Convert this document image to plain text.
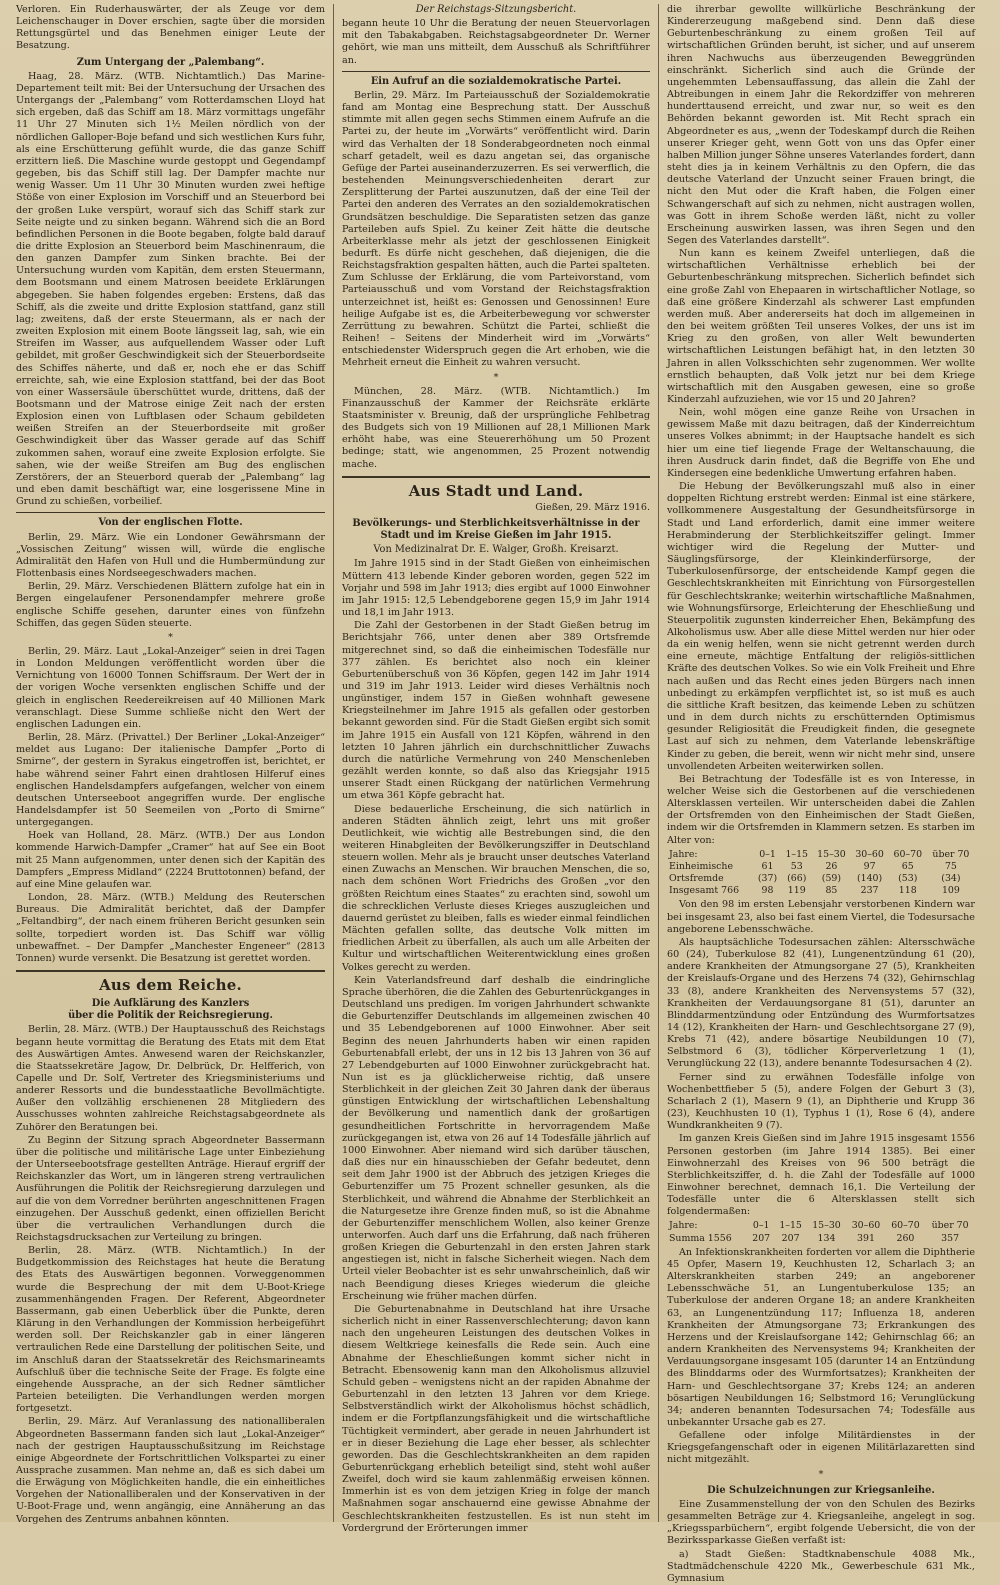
Verloren. Ein Ruderhauswärter, der als Zeuge vor dem Leichenschauger in Dover erschien, sagte über die morsiden Rettungsgürtel und das Benehmen einiger Leute der Besatzung.

Zum Untergang der „Palembang“.

Haag, 28. März. (WTB. Nichtamtlich.) Das Marine-Departement teilt mit: Bei der Untersuchung der Ursachen des Untergangs der „Palembang“ vom Rotterdamschen Lloyd hat sich ergeben, daß das Schiff am 18. März vormittags ungefähr 11 Uhr 27 Minuten sich 1½ Meilen nördlich von der nördlichen Galloper-Boje befand und sich westlichen Kurs fuhr, als eine Erschütterung gefühlt wurde, die das ganze Schiff erzittern ließ. Die Maschine wurde gestoppt und Gegendampf gegeben, bis das Schiff still lag. Der Dampfer machte nur wenig Wasser. Um 11 Uhr 30 Minuten wurden zwei heftige Stöße von einer Explosion im Vorschiff und an Steuerbord bei der großen Luke verspürt, worauf sich das Schiff stark zur Seite neigte und zu sinken begann. Während sich die an Bord befindlichen Personen in die Boote begaben, folgte bald darauf die dritte Explosion an Steuerbord beim Maschinenraum, die den ganzen Dampfer zum Sinken brachte. Bei der Untersuchung wurden vom Kapitän, dem ersten Steuermann, dem Bootsmann und einem Matrosen beeidete Erklärungen abgegeben. Sie haben folgendes ergeben: Erstens, daß das Schiff, als die zweite und dritte Explosion stattfand, ganz still lag; zweitens, daß der erste Steuermann, als er nach der zweiten Explosion mit einem Boote längsseit lag, sah, wie ein Streifen im Wasser, aus aufquellendem Wasser oder Luft gebildet, mit großer Geschwindigkeit sich der Steuerbordseite des Schiffes näherte, und daß er, noch ehe er das Schiff erreichte, sah, wie eine Explosion stattfand, bei der das Boot von einer Wassersäule überschüttet wurde, drittens, daß der Bootsmann und der Matrose einige Zeit nach der ersten Explosion einen von Luftblasen oder Schaum gebildeten weißen Streifen an der Steuerbordseite mit großer Geschwindigkeit über das Wasser gerade auf das Schiff zukommen sahen, worauf eine zweite Explosion erfolgte. Sie sahen, wie der weiße Streifen am Bug des englischen Zerstörers, der an Steuerbord querab der „Palembang“ lag und eben damit beschäftigt war, eine losgerissene Mine in Grund zu schießen, vorbeilief.

Von der englischen Flotte.

Berlin, 29. März. Wie ein Londoner Gewährsmann der „Vossischen Zeitung“ wissen will, würde die englische Admiralität den Hafen von Hull und die Humbermündung zur Flottenbasis eines Nordseegeschwaders machen.

Berlin, 29. März. Verschiedenen Blättern zufolge hat ein in Bergen eingelaufener Personendampfer mehrere große englische Schiffe gesehen, darunter eines von fünfzehn Schiffen, das gegen Süden steuerte.

*

Berlin, 29. März. Laut „Lokal-Anzeiger“ seien in drei Tagen in London Meldungen veröffentlicht worden über die Vernichtung von 16000 Tonnen Schiffsraum. Der Wert der in der vorigen Woche versenkten englischen Schiffe und der gleich in englischen Reedereikreisen auf 40 Millionen Mark veranschlagt. Diese Summe schließe nicht den Wert der englischen Ladungen ein.

Berlin, 28. März. (Privattel.) Der Berliner „Lokal-Anzeiger“ meldet aus Lugano: Der italienische Dampfer „Porto di Smirne“, der gestern in Syrakus eingetroffen ist, berichtet, er habe während seiner Fahrt einen drahtlosen Hilferuf eines englischen Handelsdampfers aufgefangen, welcher von einem deutschen Unterseeboot angegriffen wurde. Der englische Handelsdampfer ist 50 Seemeilen von „Porto di Smirne“ untergegangen.

Hoek van Holland, 28. März. (WTB.) Der aus London kommende Harwich-Dampfer „Cramer“ hat auf See ein Boot mit 25 Mann aufgenommen, unter denen sich der Kapitän des Dampfers „Empress Midland“ (2224 Bruttotonnen) befand, der auf eine Mine gelaufen war.

London, 28. März. (WTB.) Meldung des Reuterschen Bureaus. Die Admiralität berichtet, daß der Dampfer „Feltandbirg“, der nach einem früheren Bericht gesunken sein sollte, torpediert worden ist. Das Schiff war völlig unbewaffnet. – Der Dampfer „Manchester Engeneer“ (2813 Tonnen) wurde versenkt. Die Besatzung ist gerettet worden.

Aus dem Reiche.
Die Aufklärung des Kanzlers
über die Politik der Reichsregierung.

Berlin, 28. März. (WTB.) Der Hauptausschuß des Reichstags begann heute vormittag die Beratung des Etats mit dem Etat des Auswärtigen Amtes. Anwesend waren der Reichskanzler, die Staatssekretäre Jagow, Dr. Delbrück, Dr. Helfferich, von Capelle und Dr. Solf, Vertreter des Kriegsministeriums und anderer Ressorts und die bundesstaatliche Bevollmächtigte. Außer den vollzählig erschienenen 28 Mitgliedern des Ausschusses wohnten zahlreiche Reichstagsabgeordnete als Zuhörer den Beratungen bei.

Zu Beginn der Sitzung sprach Abgeordneter Bassermann über die politische und militärische Lage unter Einbeziehung der Unterseebootsfrage gestellten Anträge. Hierauf ergriff der Reichskanzler das Wort, um in längeren streng vertraulichen Ausführungen die Politik der Reichsregierung darzulegen und auf die von dem Vorredner berührten angeschnittenen Fragen einzugehen. Der Ausschuß gedenkt, einen offiziellen Bericht über die vertraulichen Verhandlungen durch die Reichstagsdrucksachen zur Verteilung zu bringen.

Berlin, 28. März. (WTB. Nichtamtlich.) In der Budgetkommission des Reichstages hat heute die Beratung des Etats des Auswärtigen begonnen. Vorweggenommen wurde die Besprechung der mit dem U-Boot-Kriege zusammenhängenden Fragen. Der Referent, Abgeordneter Bassermann, gab einen Ueberblick über die Punkte, deren Klärung in den Verhandlungen der Kommission herbeigeführt werden soll. Der Reichskanzler gab in einer längeren vertraulichen Rede eine Darstellung der politischen Seite, und im Anschluß daran der Staatssekretär des Reichsmarineamts Aufschluß über die technische Seite der Frage. Es folgte eine eingehende Aussprache, an der sich Redner sämtlicher Parteien beteiligten. Die Verhandlungen werden morgen fortgesetzt.

Berlin, 29. März. Auf Veranlassung des nationalliberalen Abgeordneten Bassermann fanden sich laut „Lokal-Anzeiger“ nach der gestrigen Hauptausschußsitzung im Reichstage einige Abgeordnete der Fortschrittlichen Volkspartei zu einer Aussprache zusammen. Man nehme an, daß es sich dabei um die Erwägung von Möglichkeiten handle, die ein einheitliches Vorgehen der Nationalliberalen und der Konservativen in der U-Boot-Frage und, wenn angängig, eine Annäherung an das Vorgehen des Zentrums anbahnen könnten.

Der Reichstags-Sitzungsbericht.

begann heute 10 Uhr die Beratung der neuen Steuervorlagen mit den Tabakabgaben. Reichstagsabgeordneter Dr. Werner gehört, wie man uns mitteilt, dem Ausschuß als Schriftführer an.

Ein Aufruf an die sozialdemokratische Partei.

Berlin, 29. März. Im Parteiausschuß der Sozialdemokratie fand am Montag eine Besprechung statt. Der Ausschuß stimmte mit allen gegen sechs Stimmen einem Aufrufe an die Partei zu, der heute im „Vorwärts“ veröffentlicht wird. Darin wird das Verhalten der 18 Sonderabgeordneten noch einmal scharf getadelt, weil es dazu angetan sei, das organische Gefüge der Partei auseinanderzuzerren. Es sei verwerflich, die bestehenden Meinungsverschiedenheiten derart zur Zersplitterung der Partei auszunutzen, daß der eine Teil der Partei den anderen des Verrates an den sozialdemokratischen Grundsätzen beschuldige. Die Separatisten setzen das ganze Parteileben aufs Spiel. Zu keiner Zeit hätte die deutsche Arbeiterklasse mehr als jetzt der geschlossenen Einigkeit bedurft. Es dürfe nicht geschehen, daß diejenigen, die die Reichstagsfraktion gespalten hätten, auch die Partei spalteten. Zum Schlusse der Erklärung, die vom Parteivorstand, vom Parteiausschuß und vom Vorstand der Reichstagsfraktion unterzeichnet ist, heißt es: Genossen und Genossinnen! Eure heilige Aufgabe ist es, die Arbeiterbewegung vor schwerster Zerrüttung zu bewahren. Schützt die Partei, schließt die Reihen! – Seitens der Minderheit wird im „Vorwärts“ entschiedenster Widerspruch gegen die Art erhoben, wie die Mehrheit erneut die Einheit zu wahren versucht.

*

München, 28. März. (WTB. Nichtamtlich.) Im Finanzausschuß der Kammer der Reichsräte erklärte Staatsminister v. Breunig, daß der ursprüngliche Fehlbetrag des Budgets sich von 19 Millionen auf 28,1 Millionen Mark erhöht habe, was eine Steuererhöhung um 50 Prozent bedinge; statt, wie angenommen, 25 Prozent notwendig mache.

Aus Stadt und Land.

Gießen, 29. März 1916.

Bevölkerungs- und Sterblichkeitsverhältnisse in der
Stadt und im Kreise Gießen im Jahr 1915.
Von Medizinalrat Dr. E. Walger, Großh. Kreisarzt.

Im Jahre 1915 sind in der Stadt Gießen von einheimischen Müttern 413 lebende Kinder geboren worden, gegen 522 im Vorjahr und 598 im Jahr 1913; dies ergibt auf 1000 Einwohner im Jahr 1915: 12,5 Lebendgeborene gegen 15,9 im Jahr 1914 und 18,1 im Jahr 1913.

Die Zahl der Gestorbenen in der Stadt Gießen betrug im Berichtsjahr 766, unter denen aber 389 Ortsfremde mitgerechnet sind, so daß die einheimischen Todesfälle nur 377 zählen. Es berichtet also noch ein kleiner Geburtenüberschuß von 36 Köpfen, gegen 142 im Jahr 1914 und 319 im Jahr 1913. Leider wird dieses Verhältnis noch ungünstiger, indem 157 in Gießen wohnhaft gewesene Kriegsteilnehmer im Jahre 1915 als gefallen oder gestorben bekannt geworden sind. Für die Stadt Gießen ergibt sich somit im Jahre 1915 ein Ausfall von 121 Köpfen, während in den letzten 10 Jahren jährlich ein durchschnittlicher Zuwachs durch die natürliche Vermehrung von 240 Menschenleben gezählt werden konnte, so daß also das Kriegsjahr 1915 unserer Stadt einen Rückgang der natürlichen Vermehrung um etwa 361 Köpfe gebracht hat.

Diese bedauerliche Erscheinung, die sich natürlich in anderen Städten ähnlich zeigt, lehrt uns mit großer Deutlichkeit, wie wichtig alle Bestrebungen sind, die den weiteren Hinabgleiten der Bevölkerungsziffer in Deutschland steuern wollen. Mehr als je braucht unser deutsches Vaterland einen Zuwachs an Menschen. Wir brauchen Menschen, die so, nach dem schönen Wort Friedrichs des Großen „vor den größten Reichtum eines Staates“ zu erachten sind, sowohl um die schrecklichen Verluste dieses Krieges auszugleichen und dauernd gerüstet zu bleiben, falls es wieder einmal feindlichen Mächten gefallen sollte, das deutsche Volk mitten im friedlichen Arbeit zu überfallen, als auch um alle Arbeiten der Kultur und wirtschaftlichen Weiterentwicklung eines großen Volkes gerecht zu werden.

Kein Vaterlandsfreund darf deshalb die eindringliche Sprache überhören, die die Zahlen des Geburtenrückganges in Deutschland uns predigen. Im vorigen Jahrhundert schwankte die Geburtenziffer Deutschlands im allgemeinen zwischen 40 und 35 Lebendgeborenen auf 1000 Einwohner. Aber seit Beginn des neuen Jahrhunderts haben wir einen rapiden Geburtenabfall erlebt, der uns in 12 bis 13 Jahren von 36 auf 27 Lebendgeburten auf 1000 Einwohner zurückgebracht hat. Nun ist es ja glücklicherweise richtig, daß unsere Sterblichkeit in der gleichen Zeit 30 Jahren dank der überaus günstigen Entwicklung der wirtschaftlichen Lebenshaltung der Bevölkerung und namentlich dank der großartigen gesundheitlichen Fortschritte in hervorragendem Maße zurückgegangen ist, etwa von 26 auf 14 Todesfälle jährlich auf 1000 Einwohner. Aber niemand wird sich darüber täuschen, daß dies nur ein hinausschieben der Gefahr bedeutet, denn seit dem Jahr 1900 ist der Abbruch des jetzigen Krieges die Geburtenziffer um 75 Prozent schneller gesunken, als die Sterblichkeit, und während die Abnahme der Sterblichkeit an die Naturgesetze ihre Grenze finden muß, so ist die Abnahme der Geburtenziffer menschlichem Wollen, also keiner Grenze unterworfen. Auch darf uns die Erfahrung, daß nach früheren großen Kriegen die Geburtenzahl in den ersten Jahren stark angestiegen ist, nicht in falsche Sicherheit wiegen. Nach dem Urteil vieler Beobachter ist es sehr unwahrscheinlich, daß wir nach Beendigung dieses Krieges wiederum die gleiche Erscheinung wie früher machen dürfen.

Die Geburtenabnahme in Deutschland hat ihre Ursache sicherlich nicht in einer Rassenverschlechterung; davon kann nach den ungeheuren Leistungen des deutschen Volkes in diesem Weltkriege keinesfalls die Rede sein. Auch eine Abnahme der Eheschließungen kommt sicher nicht in Betracht. Ebensowenig kann man den Alkoholismus allzuviel Schuld geben – wenigstens nicht an der rapiden Abnahme der Geburtenzahl in den letzten 13 Jahren vor dem Kriege. Selbstverständlich wirkt der Alkoholismus höchst schädlich, indem er die Fortpflanzungsfähigkeit und die wirtschaftliche Tüchtigkeit vermindert, aber gerade in neuen Jahrhundert ist er in dieser Beziehung die Lage eher besser, als schlechter geworden. Das die Geschlechtskrankheiten an dem rapiden Geburtenrückgang erheblich beteiligt sind, steht wohl außer Zweifel, doch wird sie kaum zahlenmäßig erweisen können. Immerhin ist es von dem jetzigen Krieg in folge der manch Maßnahmen sogar anschauernd eine gewisse Abnahme der Geschlechtskrankheiten festzustellen. Es ist nun steht im Vordergrund der Erörterungen immer

die ihrerbar gewollte willkürliche Beschränkung der Kindererzeugung maßgebend sind. Denn daß diese Geburtenbeschränkung zu einem großen Teil auf wirtschaftlichen Gründen beruht, ist sicher, und auf unserem ihren Nachwuchs aus überzeugenden Beweggründen einschränkt. Sicherlich sind auch die Gründe der ungehemmten Lebensauffassung, das allein die Zahl der Abtreibungen in einem Jahr die Rekordziffer von mehreren hunderttausend erreicht, und zwar nur, so weit es den Behörden bekannt geworden ist. Mit Recht sprach ein Abgeordneter es aus, „wenn der Todeskampf durch die Reihen unserer Krieger geht, wenn Gott von uns das Opfer einer halben Million junger Söhne unseres Vaterlandes fordert, dann steht dies ja in keinem Verhältnis zu den Opfern, die das deutsche Vaterland der Unzucht seiner Frauen bringt, die nicht den Mut oder die Kraft haben, die Folgen einer Schwangerschaft auf sich zu nehmen, nicht austragen wollen, was Gott in ihrem Schoße werden läßt, nicht zu voller Erscheinung auswirken lassen, was ihren Segen und den Segen des Vaterlandes darstellt“.

Nun kann es keinem Zweifel unterliegen, daß die wirtschaftlichen Verhältnisse erheblich bei der Geburtenbeschränkung mitsprechen. Sicherlich befindet sich eine große Zahl von Ehepaaren in wirtschaftlicher Notlage, so daß eine größere Kinderzahl als schwerer Last empfunden werden muß. Aber andererseits hat doch im allgemeinen in den bei weitem größten Teil unseres Volkes, der uns ist im Krieg zu den großen, von aller Welt bewunderten wirtschaftlichen Leistungen befähigt hat, in den letzten 30 Jahren in allen Volksschichten sehr zugenommen. Wer wollte ernstlich behaupten, daß Volk jetzt nur bei dem Kriege wirtschaftlich mit den Ausgaben gewesen, eine so große Kinderzahl aufzuziehen, wie vor 15 und 20 Jahren?

Nein, wohl mögen eine ganze Reihe von Ursachen in gewissem Maße mit dazu beitragen, daß der Kinderreichtum unseres Volkes abnimmt; in der Hauptsache handelt es sich hier um eine tief liegende Frage der Weltanschauung, die ihren Ausdruck darin findet, daß die Begriffe von Ehe und Kindersegen eine bedenkliche Umwertung erfahren haben.

Die Hebung der Bevölkerungszahl muß also in einer doppelten Richtung erstrebt werden: Einmal ist eine stärkere, vollkommenere Ausgestaltung der Gesundheitsfürsorge in Stadt und Land erforderlich, damit eine immer weitere Herabminderung der Sterblichkeitsziffer gelingt. Immer wichtiger wird die Regelung der Mutter- und Säuglingsfürsorge, der Kleinkinderfürsorge, der Tuberkulosenfürsorge, der entscheidende Kampf gegen die Geschlechtskrankheiten mit Einrichtung von Fürsorgestellen für Geschlechtskranke; weiterhin wirtschaftliche Maßnahmen, wie Wohnungsfürsorge, Erleichterung der Eheschließung und Steuerpolitik zugunsten kinderreicher Ehen, Bekämpfung des Alkoholismus usw. Aber alle diese Mittel werden nur hier oder da ein wenig helfen, wenn sie nicht getrennt werden durch eine erneute, mächtige Entfaltung der religiös-sittlichen Kräfte des deutschen Volkes. So wie ein Volk Freiheit und Ehre nach außen und das Recht eines jeden Bürgers nach innen unbedingt zu erkämpfen verpflichtet ist, so ist muß es auch die sittliche Kraft besitzen, das keimende Leben zu schützen und in dem durch nichts zu erschütternden Optimismus gesunder Religiosität die Freudigkeit finden, die gesegnete Last auf sich zu nehmen, dem Vaterlande lebenskräftige Kinder zu geben, die bereit, wenn wir nicht mehr sind, unsere unvollendeten Arbeiten weiterwirken sollen.

Bei Betrachtung der Todesfälle ist es von Interesse, in welcher Weise sich die Gestorbenen auf die verschiedenen Altersklassen verteilen. Wir unterscheiden dabei die Zahlen der Ortsfremden von den Einheimischen der Stadt Gießen, indem wir die Ortsfremden in Klammern setzen. Es starben im Alter von:

Jahre:	0–1	1–15	15–30	30–60	60–70	über 70
Einheimische	61	53	26	97	65	75
Ortsfremde	(37)	(66)	(59)	(140)	(53)	(34)
Insgesamt 766	98	119	85	237	118	109

Von den 98 im ersten Lebensjahr verstorbenen Kindern war bei insgesamt 23, also bei fast einem Viertel, die Todesursache angeborene Lebensschwäche.

Als hauptsächliche Todesursachen zählen: Altersschwäche 60 (24), Tuberkulose 82 (41), Lungenentzündung 61 (20), andere Krankheiten der Atmungsorgane 27 (5), Krankheiten der Kreislaufs-Organe und des Herzens 74 (32), Gehirnschlag 33 (8), andere Krankheiten des Nervensystems 57 (32), Krankheiten der Verdauungsorgane 81 (51), darunter an Blinddarmentzündung oder Entzündung des Wurmfortsatzes 14 (12), Krankheiten der Harn- und Geschlechtsorgane 27 (9), Krebs 71 (42), andere bösartige Neubildungen 10 (7), Selbstmord 6 (3), tödlicher Körperverletzung 1 (1), Verunglückung 22 (13), andere benannte Todesursachen 4 (2).

Ferner sind zu erwähnen Todesfälle infolge von Wochenbettfieber 5 (5), andere Folgen der Geburt 3 (3), Scharlach 2 (1), Masern 9 (1), an Diphtherie und Krupp 36 (23), Keuchhusten 10 (1), Typhus 1 (1), Rose 6 (4), andere Wundkrankheiten 9 (7).

Im ganzen Kreis Gießen sind im Jahre 1915 insgesamt 1556 Personen gestorben (im Jahre 1914 1385). Bei einer Einwohnerzahl des Kreises von 96 500 beträgt die Sterblichkeitsziffer, d. h. die Zahl der Todesfälle auf 1000 Einwohner berechnet, demnach 16,1. Die Verteilung der Todesfälle unter die 6 Altersklassen stellt sich folgendermaßen:

Jahre:	0–1	1–15	15–30	30–60	60–70	über 70
Summa 1556	207	207	134	391	260	357

An Infektionskrankheiten forderten vor allem die Diphtherie 45 Opfer, Masern 19, Keuchhusten 12, Scharlach 3; an Alterskrankheiten starben 249; an angeborener Lebensschwäche 51, an Lungentuberkulose 135; an Tuberkulose der anderen Organe 18; an andere Krankheiten 63, an Lungenentzündung 117; Influenza 18, anderen Krankheiten der Atmungsorgane 73; Erkrankungen des Herzens und der Kreislaufsorgane 142; Gehirnschlag 66; an andern Krankheiten des Nervensystems 94; Krankheiten der Verdauungsorgane insgesamt 105 (darunter 14 an Entzündung des Blinddarms oder des Wurmfortsatzes); Krankheiten der Harn- und Geschlechtsorgane 37; Krebs 124; an anderen bösartigen Neubildungen 16; Selbstmord 16; Verunglückung 34; anderen benannten Todesursachen 74; Todesfälle aus unbekannter Ursache gab es 27.

Gefallene oder infolge Militärdienstes in der Kriegsgefangenschaft oder in eigenen Militärlazaretten sind nicht mitgezählt.

*
Die Schulzeichnungen zur Kriegsanleihe.

Eine Zusammenstellung der von den Schulen des Bezirks gesammelten Beträge zur 4. Kriegsanleihe, angelegt in sog. „Kriegssparbüchern“, ergibt folgende Uebersicht, die von der Bezirkssparkasse Gießen verfaßt ist:

a) Stadt Gießen: Stadtknabenschule 4088 Mk., Stadtmädchenschule 4220 Mk., Gewerbeschule 631 Mk., Gymnasium
